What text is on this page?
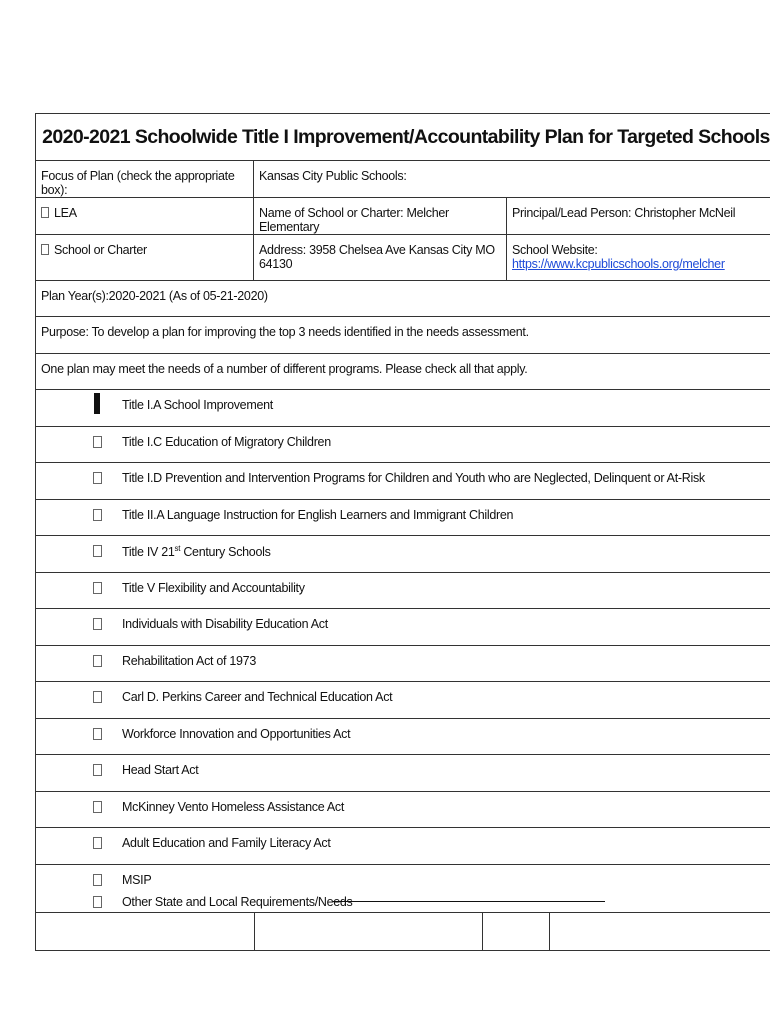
2020-2021 Schoolwide Title I Improvement/Accountability Plan for Targeted Schools
Focus of Plan (check the appropriate box):
Kansas City Public Schools:
LEA	Name of School or Charter: Melcher Elementary
Principal/Lead Person: Christopher McNeil
School or Charter	Address: 3958 Chelsea Ave Kansas City MO 64130
School Website:
https://www.kcpublicschools.org/melcher
Plan Year(s):2020-2021 (As of 05-21-2020)
Purpose: To develop a plan for improving the top 3 needs identified in the needs assessment.
One plan may meet the needs of a number of different programs. Please check all that apply.
Title I.A School Improvement
Title I.C Education of Migratory Children
Title I.D Prevention and Intervention Programs for Children and Youth who are Neglected, Delinquent or At-Risk
Title II.A Language Instruction for English Learners and Immigrant Children
Title IV 21st Century Schools
Title V Flexibility and Accountability
Individuals with Disability Education Act
Rehabilitation Act of 1973
Carl D. Perkins Career and Technical Education Act
Workforce Innovation and Opportunities Act
Head Start Act
McKinney Vento Homeless Assistance Act
Adult Education and Family Literacy Act
MSIP
Other State and Local Requirements/Needs
